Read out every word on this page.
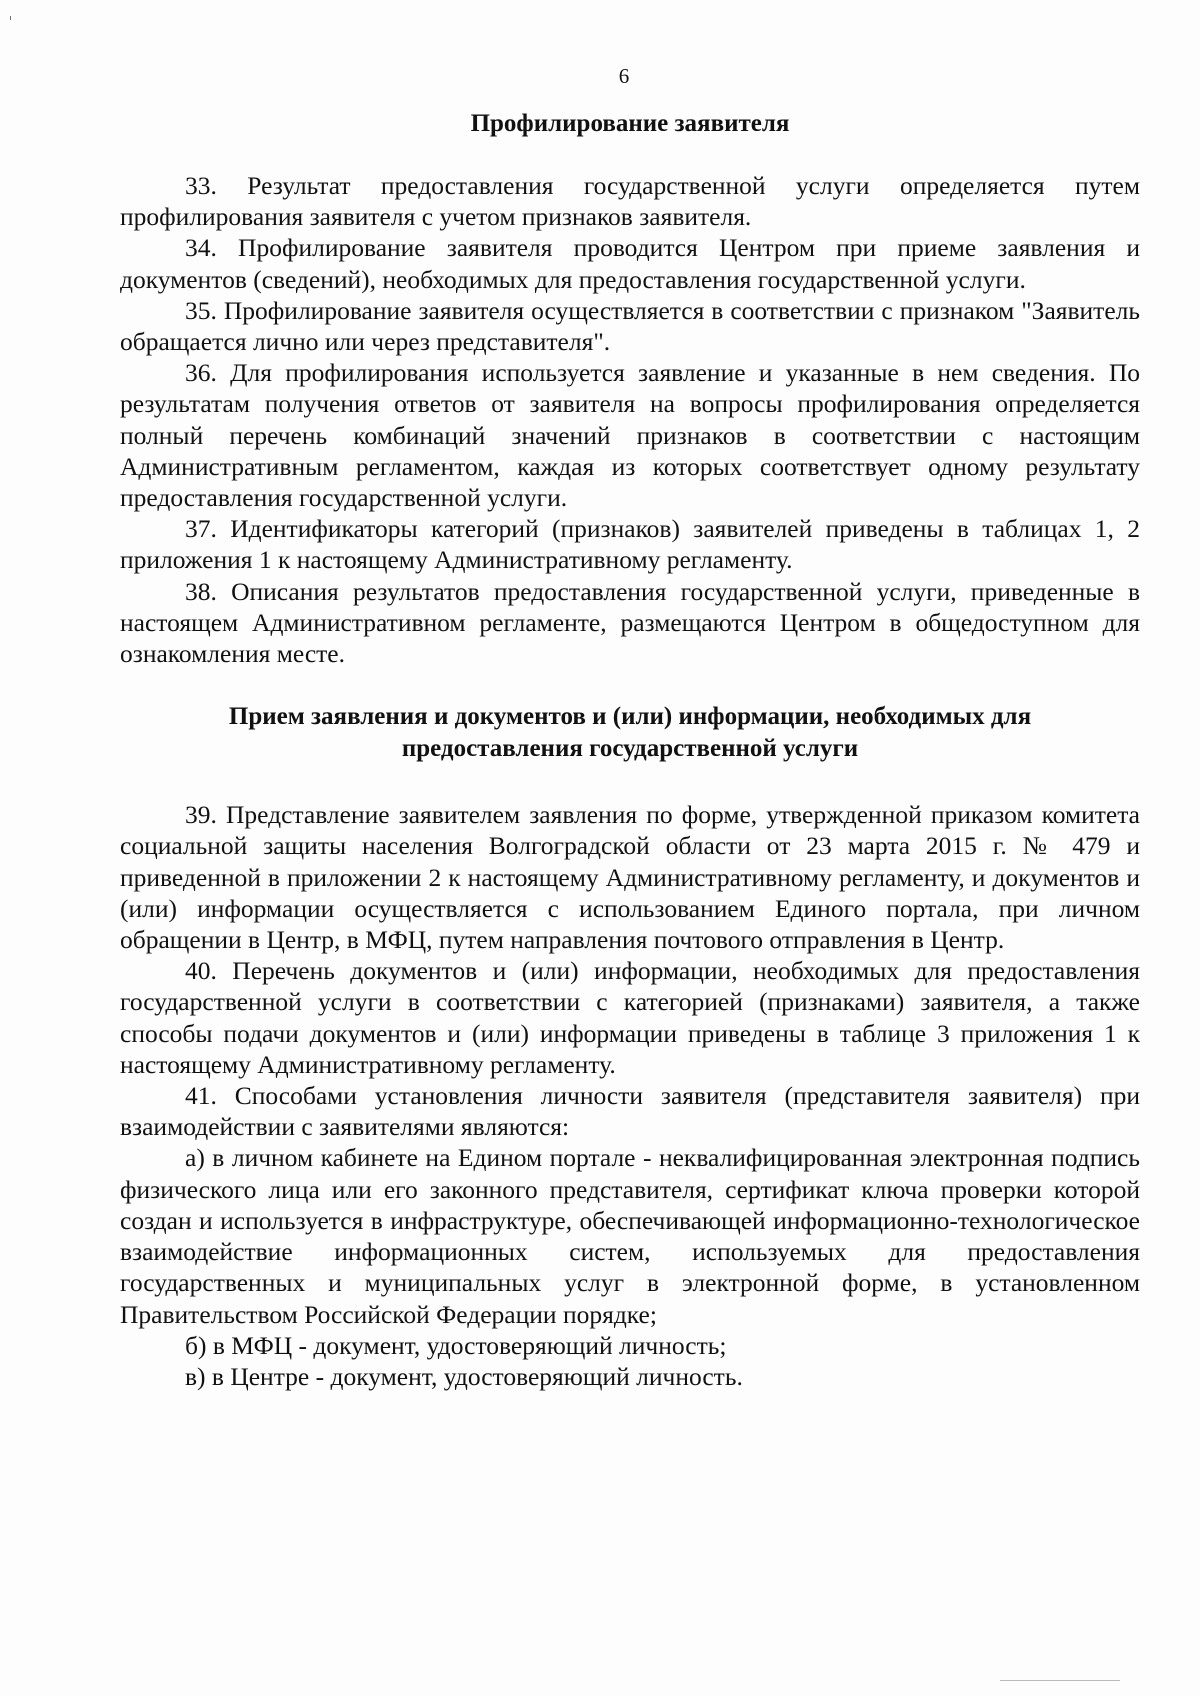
6
Профилирование заявителя

33. Результат предоставления государственной услуги определяется путем профилирования заявителя с учетом признаков заявителя.

34. Профилирование заявителя проводится Центром при приеме заявления и документов (сведений), необходимых для предоставления государственной услуги.

35. Профилирование заявителя осуществляется в соответствии с признаком "Заявитель обращается лично или через представителя".

36. Для профилирования используется заявление и указанные в нем сведения. По результатам получения ответов от заявителя на вопросы профилирования определяется полный перечень комбинаций значений признаков в соответствии с настоящим Административным регламентом, каждая из которых соответствует одному результату предоставления государственной услуги.

37. Идентификаторы категорий (признаков) заявителей приведены в таблицах 1, 2 приложения 1 к настоящему Административному регламенту.

38. Описания результатов предоставления государственной услуги, приведенные в настоящем Административном регламенте, размещаются Центром в общедоступном для ознакомления месте.

Прием заявления и документов и (или) информации, необходимых для
предоставления государственной услуги

39. Представление заявителем заявления по форме, утвержденной приказом комитета социальной защиты населения Волгоградской области от 23 марта 2015 г. № 479 и приведенной в приложении 2 к настоящему Административному регламенту, и документов и (или) информации осуществляется с использованием Единого портала, при личном обращении в Центр, в МФЦ, путем направления почтового отправления в Центр.

40. Перечень документов и (или) информации, необходимых для предоставления государственной услуги в соответствии с категорией (признаками) заявителя, а также способы подачи документов и (или) информации приведены в таблице 3 приложения 1 к настоящему Административному регламенту.

41. Способами установления личности заявителя (представителя заявителя) при взаимодействии с заявителями являются:

а) в личном кабинете на Едином портале - неквалифицированная электронная подпись физического лица или его законного представителя, сертификат ключа проверки которой создан и используется в инфраструктуре, обеспечивающей информационно-технологическое взаимодействие информационных систем, используемых для предоставления государственных и муниципальных услуг в электронной форме, в установленном Правительством Российской Федерации порядке;

б) в МФЦ - документ, удостоверяющий личность;

в) в Центре - документ, удостоверяющий личность.
